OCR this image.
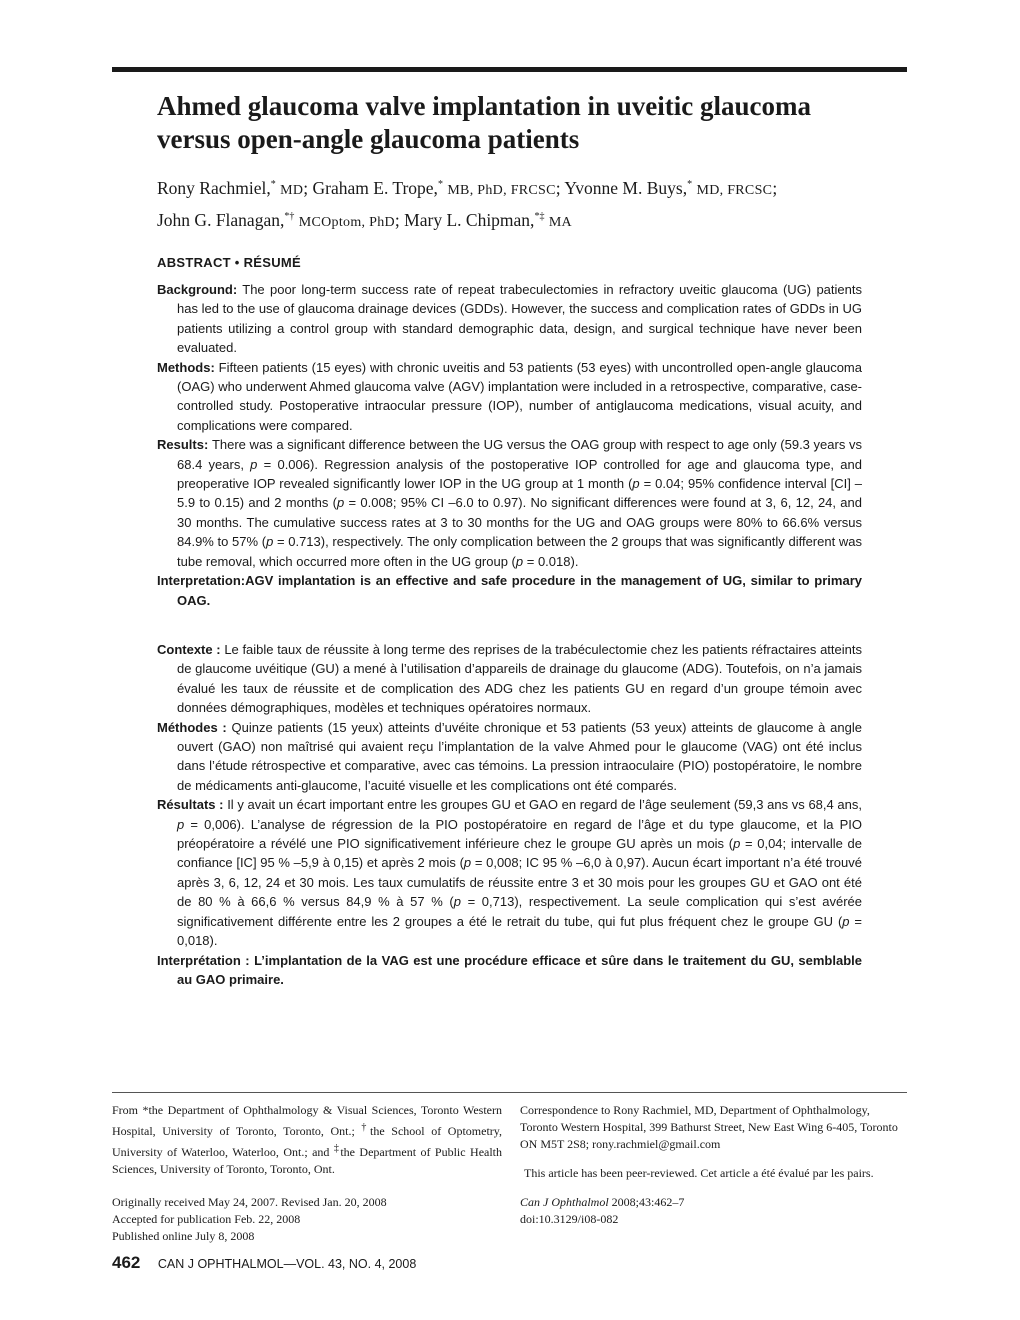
Ahmed glaucoma valve implantation in uveitic glaucoma
versus open-angle glaucoma patients
Rony Rachmiel,* MD; Graham E. Trope,* MB, PhD, FRCSC; Yvonne M. Buys,* MD, FRCSC;
John G. Flanagan,*† MCOptom, PhD; Mary L. Chipman,*‡ MA
ABSTRACT • RÉSUMÉ

Background: The poor long-term success rate of repeat trabeculectomies in refractory uveitic glaucoma (UG) patients has led to the use of glaucoma drainage devices (GDDs). However, the success and complication rates of GDDs in UG patients utilizing a control group with standard demographic data, design, and surgical technique have never been evaluated.

Methods: Fifteen patients (15 eyes) with chronic uveitis and 53 patients (53 eyes) with uncontrolled open-angle glaucoma (OAG) who underwent Ahmed glaucoma valve (AGV) implantation were included in a retrospective, comparative, case-controlled study. Postoperative intraocular pressure (IOP), number of antiglaucoma medications, visual acuity, and complications were compared.

Results: There was a significant difference between the UG versus the OAG group with respect to age only (59.3 years vs 68.4 years, p = 0.006). Regression analysis of the postoperative IOP controlled for age and glaucoma type, and preoperative IOP revealed significantly lower IOP in the UG group at 1 month (p = 0.04; 95% confidence interval [CI] –5.9 to 0.15) and 2 months (p = 0.008; 95% CI –6.0 to 0.97). No significant differences were found at 3, 6, 12, 24, and 30 months. The cumulative success rates at 3 to 30 months for the UG and OAG groups were 80% to 66.6% versus 84.9% to 57% (p = 0.713), respectively. The only complication between the 2 groups that was significantly different was tube removal, which occurred more often in the UG group (p = 0.018).

Interpretation:AGV implantation is an effective and safe procedure in the management of UG, similar to primary OAG.

Contexte : Le faible taux de réussite à long terme des reprises de la trabéculectomie chez les patients réfractaires atteints de glaucome uvéitique (GU) a mené à l’utilisation d’appareils de drainage du glaucome (ADG). Toutefois, on n’a jamais évalué les taux de réussite et de complication des ADG chez les patients GU en regard d’un groupe témoin avec données démographiques, modèles et techniques opératoires normaux.

Méthodes : Quinze patients (15 yeux) atteints d’uvéite chronique et 53 patients (53 yeux) atteints de glaucome à angle ouvert (GAO) non maîtrisé qui avaient reçu l’implantation de la valve Ahmed pour le glaucome (VAG) ont été inclus dans l’étude rétrospective et comparative, avec cas témoins. La pression intraoculaire (PIO) postopératoire, le nombre de médicaments anti-glaucome, l’acuité visuelle et les complications ont été comparés.

Résultats : Il y avait un écart important entre les groupes GU et GAO en regard de l’âge seulement (59,3 ans vs 68,4 ans, p = 0,006). L’analyse de régression de la PIO postopératoire en regard de l’âge et du type glaucome, et la PIO préopératoire a révélé une PIO significativement inférieure chez le groupe GU après un mois (p = 0,04; intervalle de confiance [IC] 95 % –5,9 à 0,15) et après 2 mois (p = 0,008; IC 95 % –6,0 à 0,97). Aucun écart important n’a été trouvé après 3, 6, 12, 24 et 30 mois. Les taux cumulatifs de réussite entre 3 et 30 mois pour les groupes GU et GAO ont été de 80 % à 66,6 % versus 84,9 % à 57 % (p = 0,713), respectivement. La seule complication qui s’est avérée significativement différente entre les 2 groupes a été le retrait du tube, qui fut plus fréquent chez le groupe GU (p = 0,018).

Interprétation : L’implantation de la VAG est une procédure efficace et sûre dans le traitement du GU, semblable au GAO primaire.

From *the Department of Ophthalmology & Visual Sciences, Toronto Western Hospital, University of Toronto, Toronto, Ont.; †the School of Optometry, University of Waterloo, Waterloo, Ont.; and ‡the Department of Public Health Sciences, University of Toronto, Toronto, Ont.

Originally received May 24, 2007. Revised Jan. 20, 2008

Accepted for publication Feb. 22, 2008

Published online July 8, 2008

Correspondence to Rony Rachmiel, MD, Department of Ophthalmology, Toronto Western Hospital, 399 Bathurst Street, New East Wing 6-405, Toronto ON M5T 2S8; rony.rachmiel@gmail.com

This article has been peer-reviewed. Cet article a été évalué par les pairs.

Can J Ophthalmol 2008;43:462–7

doi:10.3129/i08-082

462 CAN J OPHTHALMOL—VOL. 43, NO. 4, 2008
